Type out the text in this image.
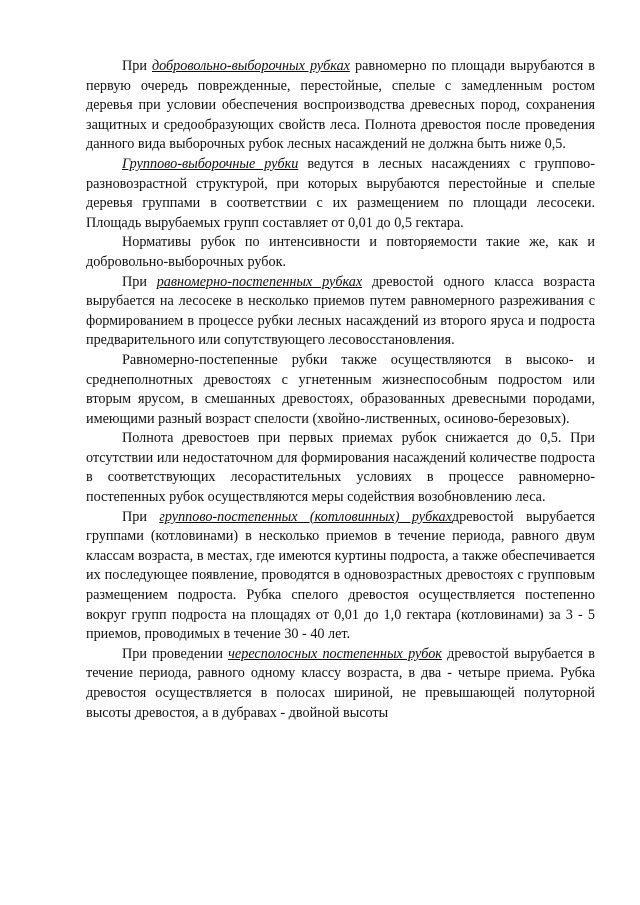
При добровольно-выборочных рубках равномерно по площади вырубаются в первую очередь поврежденные, перестойные, спелые с замедленным ростом деревья при условии обеспечения воспроизводства древесных пород, сохранения защитных и средообразующих свойств леса. Полнота древостоя после проведения данного вида выборочных рубок лесных насаждений не должна быть ниже 0,5.

Группово-выборочные рубки ведутся в лесных насаждениях с группово-разновозрастной структурой, при которых вырубаются перестойные и спелые деревья группами в соответствии с их размещением по площади лесосеки. Площадь вырубаемых групп составляет от 0,01 до 0,5 гектара.

Нормативы рубок по интенсивности и повторяемости такие же, как и добровольно-выборочных рубок.

При равномерно-постепенных рубках древостой одного класса возраста вырубается на лесосеке в несколько приемов путем равномерного разреживания с формированием в процессе рубки лесных насаждений из второго яруса и подроста предварительного или сопутствующего лесовосстановления.

Равномерно-постепенные рубки также осуществляются в высоко- и среднеполнотных древостоях с угнетенным жизнеспособным подростом или вторым ярусом, в смешанных древостоях, образованных древесными породами, имеющими разный возраст спелости (хвойно-лиственных, осиново-березовых).

Полнота древостоев при первых приемах рубок снижается до 0,5. При отсутствии или недостаточном для формирования насаждений количестве подроста в соответствующих лесорастительных условиях в процессе равномерно-постепенных рубок осуществляются меры содействия возобновлению леса.

При группово-постепенных (котловинных) рубкахдревостой вырубается группами (котловинами) в несколько приемов в течение периода, равного двум классам возраста, в местах, где имеются куртины подроста, а также обеспечивается их последующее появление, проводятся в одновозрастных древостоях с групповым размещением подроста. Рубка спелого древостоя осуществляется постепенно вокруг групп подроста на площадях от 0,01 до 1,0 гектара (котловинами) за 3 - 5 приемов, проводимых в течение 30 - 40 лет.

При проведении чересполосных постепенных рубок древостой вырубается в течение периода, равного одному классу возраста, в два - четыре приема. Рубка древостоя осуществляется в полосах шириной, не превышающей полуторной высоты древостоя, а в дубравах - двойной высоты
